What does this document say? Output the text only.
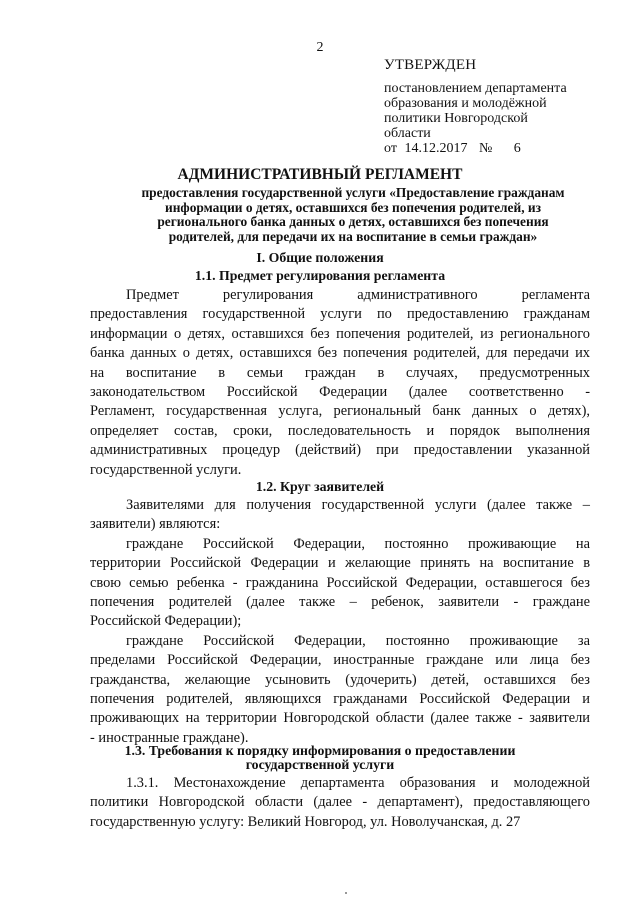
2
УТВЕРЖДЕН
постановлением департамента
образования и молодёжной
политики Новгородской
области
от 14.12.2017 № 6
АДМИНИСТРАТИВНЫЙ РЕГЛАМЕНТ
предоставления государственной услуги «Предоставление гражданам
информации о детях, оставшихся без попечения родителей, из
регионального банка данных о детях, оставшихся без попечения
родителей, для передачи их на воспитание в семьи граждан»
I. Общие положения
1.1. Предмет регулирования регламента
Предмет регулирования административного регламента
предоставления государственной услуги по предоставлению гражданам
информации о детях, оставшихся без попечения родителей, из регионального
банка данных о детях, оставшихся без попечения родителей, для передачи их
на воспитание в семьи граждан в случаях, предусмотренных
законодательством Российской Федерации (далее соответственно -
Регламент, государственная услуга, региональный банк данных о детях),
определяет состав, сроки, последовательность и порядок выполнения
административных процедур (действий) при предоставлении указанной
государственной услуги.
1.2. Круг заявителей
Заявителями для получения государственной услуги (далее также –
заявители) являются:
граждане Российской Федерации, постоянно проживающие на
территории Российской Федерации и желающие принять на воспитание в
свою семью ребенка - гражданина Российской Федерации, оставшегося без
попечения родителей (далее также – ребенок, заявители - граждане
Российской Федерации);
граждане Российской Федерации, постоянно проживающие за
пределами Российской Федерации, иностранные граждане или лица без
гражданства, желающие усыновить (удочерить) детей, оставшихся без
попечения родителей, являющихся гражданами Российской Федерации и
проживающих на территории Новгородской области (далее также - заявители
- иностранные граждане).
1.3. Требования к порядку информирования о предоставлении
государственной услуги
1.3.1. Местонахождение департамента образования и молодежной
политики Новгородской области (далее - департамент), предоставляющего
государственную услугу: Великий Новгород, ул. Новолучанская, д. 27
